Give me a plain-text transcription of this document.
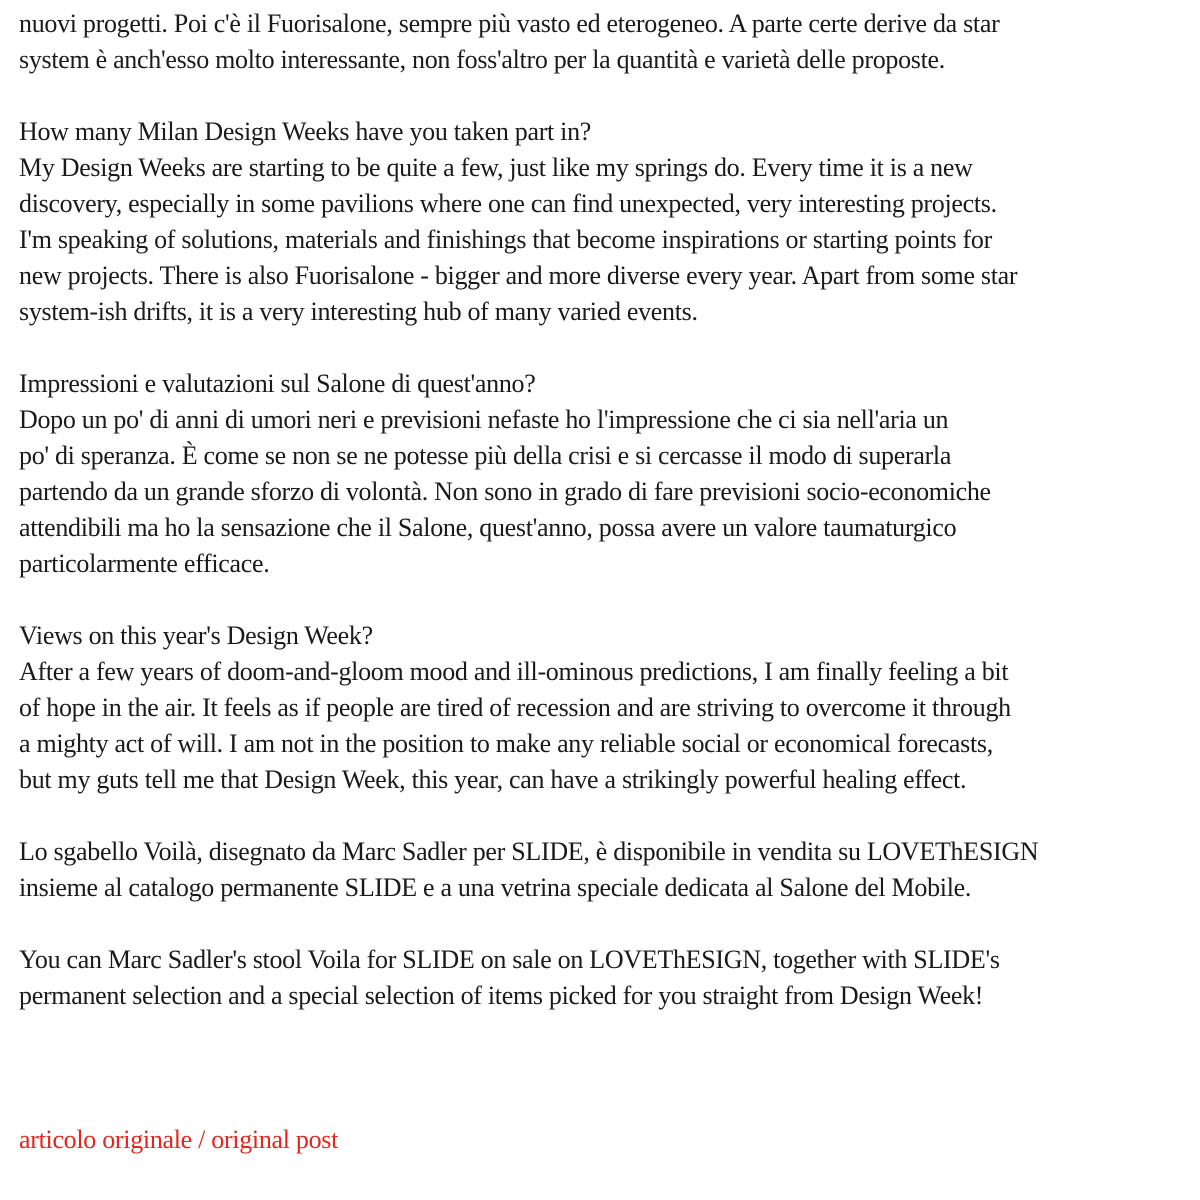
nuovi progetti. Poi c'è il Fuorisalone, sempre più vasto ed eterogeneo. A parte certe derive da star
system è anch'esso molto interessante, non foss'altro per la quantità e varietà delle proposte.

How many Milan Design Weeks have you taken part in?
My Design Weeks are starting to be quite a few, just like my springs do. Every time it is a new
discovery, especially in some pavilions where one can find unexpected, very interesting projects.
I'm speaking of solutions, materials and finishings that become inspirations or starting points for
new projects. There is also Fuorisalone - bigger and more diverse every year. Apart from some star
system-ish drifts, it is a very interesting hub of many varied events.

Impressioni e valutazioni sul Salone di quest'anno?
Dopo un po' di anni di umori neri e previsioni nefaste ho l'impressione che ci sia nell'aria un
po' di speranza. È come se non se ne potesse più della crisi e si cercasse il modo di superarla
partendo da un grande sforzo di volontà. Non sono in grado di fare previsioni socio-economiche
attendibili ma ho la sensazione che il Salone, quest'anno, possa avere un valore taumaturgico
particolarmente efficace.

Views on this year's Design Week?
After a few years of doom-and-gloom mood and ill-ominous predictions, I am finally feeling a bit
of hope in the air. It feels as if people are tired of recession and are striving to overcome it through
a mighty act of will. I am not in the position to make any reliable social or economical forecasts,
but my guts tell me that Design Week, this year, can have a strikingly powerful healing effect.

Lo sgabello Voilà, disegnato da Marc Sadler per SLIDE, è disponibile in vendita su LOVEThESIGN
insieme al catalogo permanente SLIDE e a una vetrina speciale dedicata al Salone del Mobile.

You can Marc Sadler's stool Voila for SLIDE on sale on LOVEThESIGN, together with SLIDE's
permanent selection and a special selection of items picked for you straight from Design Week!

articolo originale / original post
